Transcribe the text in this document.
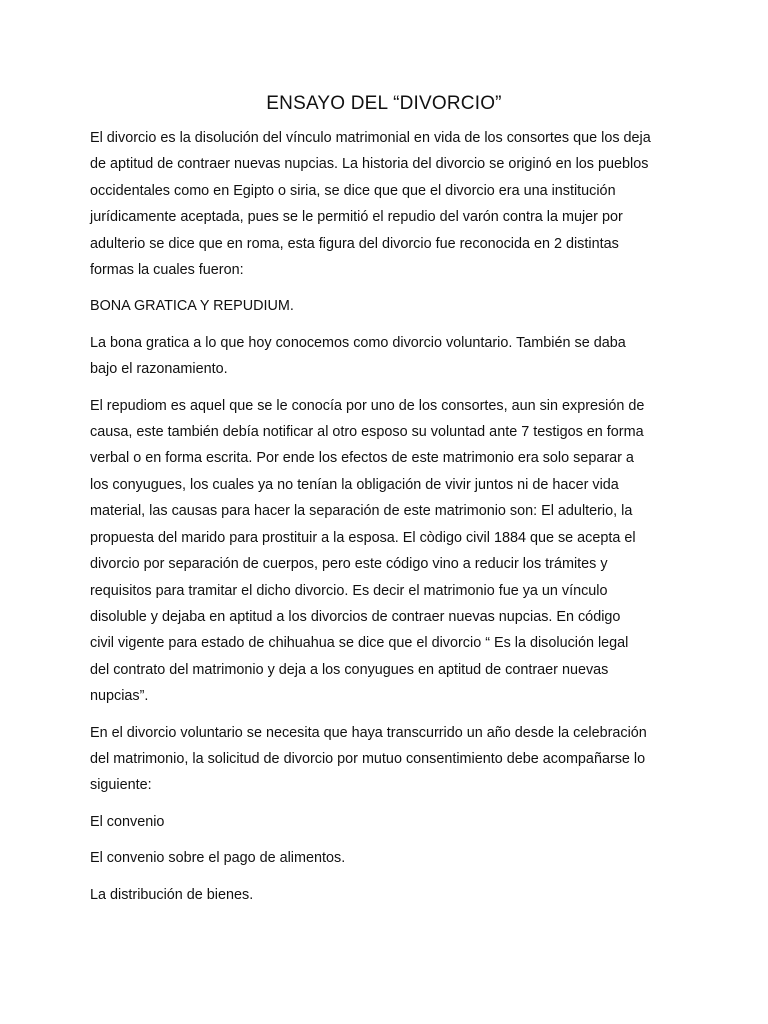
ENSAYO DEL “DIVORCIO”

El divorcio es la disolución del vínculo matrimonial en vida de los consortes que los deja
de aptitud de contraer nuevas nupcias. La historia del divorcio se originó en los pueblos
occidentales como en Egipto o siria, se dice que que el divorcio era una institución
jurídicamente aceptada, pues se le permitió el repudio del varón contra la mujer por
adulterio se dice que en roma, esta figura del divorcio fue reconocida en 2 distintas
formas la cuales fueron:

BONA GRATICA Y REPUDIUM.

La bona gratica a lo que hoy conocemos como divorcio voluntario. También se daba
bajo el razonamiento.

El repudiom es aquel que se le conocía por uno de los consortes, aun sin expresión de
causa, este también debía notificar al otro esposo su voluntad ante 7 testigos en forma
verbal o en forma escrita. Por ende los efectos de este matrimonio era solo separar a
los conyugues, los cuales ya no tenían la obligación de vivir juntos ni de hacer vida
material, las causas para hacer la separación de este matrimonio son: El adulterio, la
propuesta del marido para prostituir a la esposa. El còdigo civil 1884 que se acepta el
divorcio por separación de cuerpos, pero este código vino a reducir los trámites y
requisitos para tramitar el dicho divorcio. Es decir el matrimonio fue ya un vínculo
disoluble y dejaba en aptitud a los divorcios de contraer nuevas nupcias. En código
civil vigente para estado de chihuahua se dice que el divorcio “ Es la disolución legal
del contrato del matrimonio y deja a los conyugues en aptitud de contraer nuevas
nupcias”.

En el divorcio voluntario se necesita que haya transcurrido un año desde la celebración
del matrimonio, la solicitud de divorcio por mutuo consentimiento debe acompañarse lo
siguiente:

El convenio

El convenio sobre el pago de alimentos.

La distribución de bienes.
